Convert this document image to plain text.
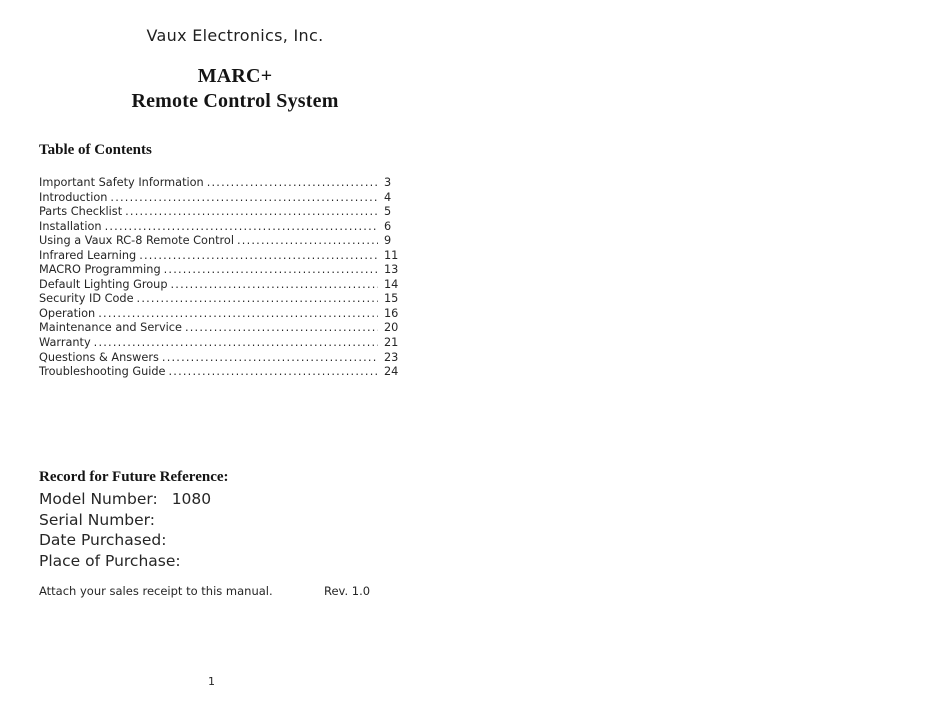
Vaux Electronics, Inc.
MARC+
Remote Control System
Table of Contents
Important Safety Information .....	3
Introduction .....	4
Parts Checklist .....	5
Installation .....	6
Using a Vaux RC-8 Remote Control .....	9
Infrared Learning .....	11
MACRO Programming .....	13
Default Lighting Group .....	14
Security ID Code .....	15
Operation .....	16
Maintenance and Service .....	20
Warranty .....	21
Questions & Answers .....	23
Troubleshooting Guide .....	24
Record for Future Reference:
Model Number: 1080
Serial Number:
Date Purchased:
Place of Purchase:
Attach your sales receipt to this manual.	Rev. 1.0
1
